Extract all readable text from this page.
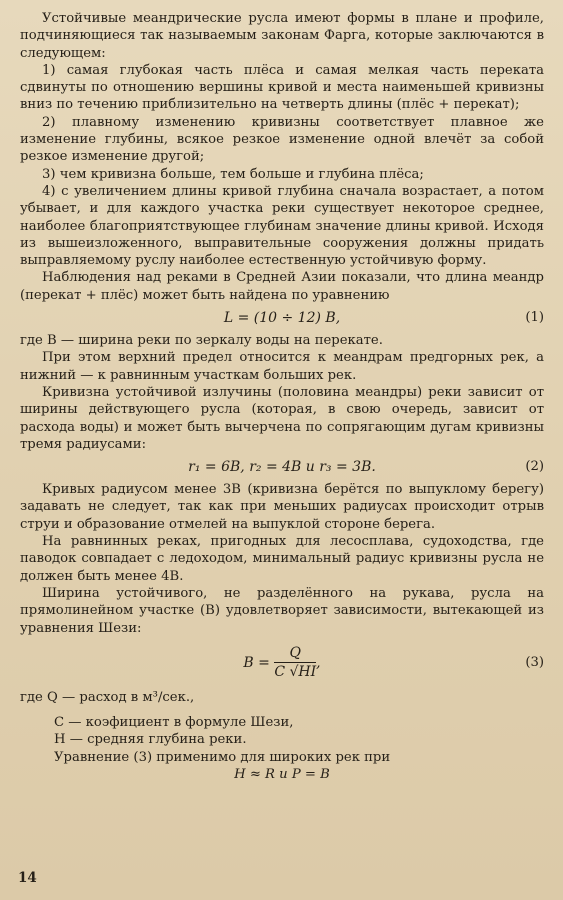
Устойчивые меандрические русла имеют формы в плане и профиле, подчиняющиеся так называемым законам Фарга, которые заключаются в следующем:

1) самая глубокая часть плёса и самая мелкая часть переката сдвинуты по отношению вершины кривой и места наименьшей кривизны вниз по течению приблизительно на четверть длины (плёс + перекат);

2) плавному изменению кривизны соответствует плавное же изменение глубины, всякое резкое изменение одной влечёт за собой резкое изменение другой;

3) чем кривизна больше, тем больше и глубина плёса;

4) с увеличением длины кривой глубина сначала возрастает, а потом убывает, и для каждого участка реки существует некоторое среднее, наиболее благоприятствующее глубинам значение длины кривой. Исходя из вышеизложенного, выправительные сооружения должны придать выправляемому руслу наиболее естественную устойчивую форму.

Наблюдения над реками в Средней Азии показали, что длина меандр (перекат + плёс) может быть найдена по уравнению

L = (10 ÷ 12) B,	(1)

где B — ширина реки по зеркалу воды на перекате.

При этом верхний предел относится к меандрам предгорных рек, а нижний — к равнинным участкам больших рек.

Кривизна устойчивой излучины (половина меандры) реки зависит от ширины действующего русла (которая, в свою очередь, зависит от расхода воды) и может быть вычерчена по сопрягающим дугам кривизны тремя радиусами:

r₁ = 6B, r₂ = 4B и r₃ = 3B.	(2)

Кривых радиусом менее 3B (кривизна берётся по выпуклому берегу) задавать не следует, так как при меньших радиусах происходит отрыв струи и образование отмелей на выпуклой стороне берега.

На равнинных реках, пригодных для лесосплава, судоходства, где паводок совпадает с ледоходом, минимальный радиус кривизны русла не должен быть менее 4B.

Ширина устойчивого, не разделённого на рукава, русла на прямолинейном участке (B) удовлетворяет зависимости, вытекающей из уравнения Шези:

$B = \frac{Q}{C √HI}$ ,	(3)

где Q — расход в м³/сек.,

C — коэфициент в формуле Шези,

H — средняя глубина реки.

Уравнение (3) применимо для широких рек при

H ≈ R и P = B

14
